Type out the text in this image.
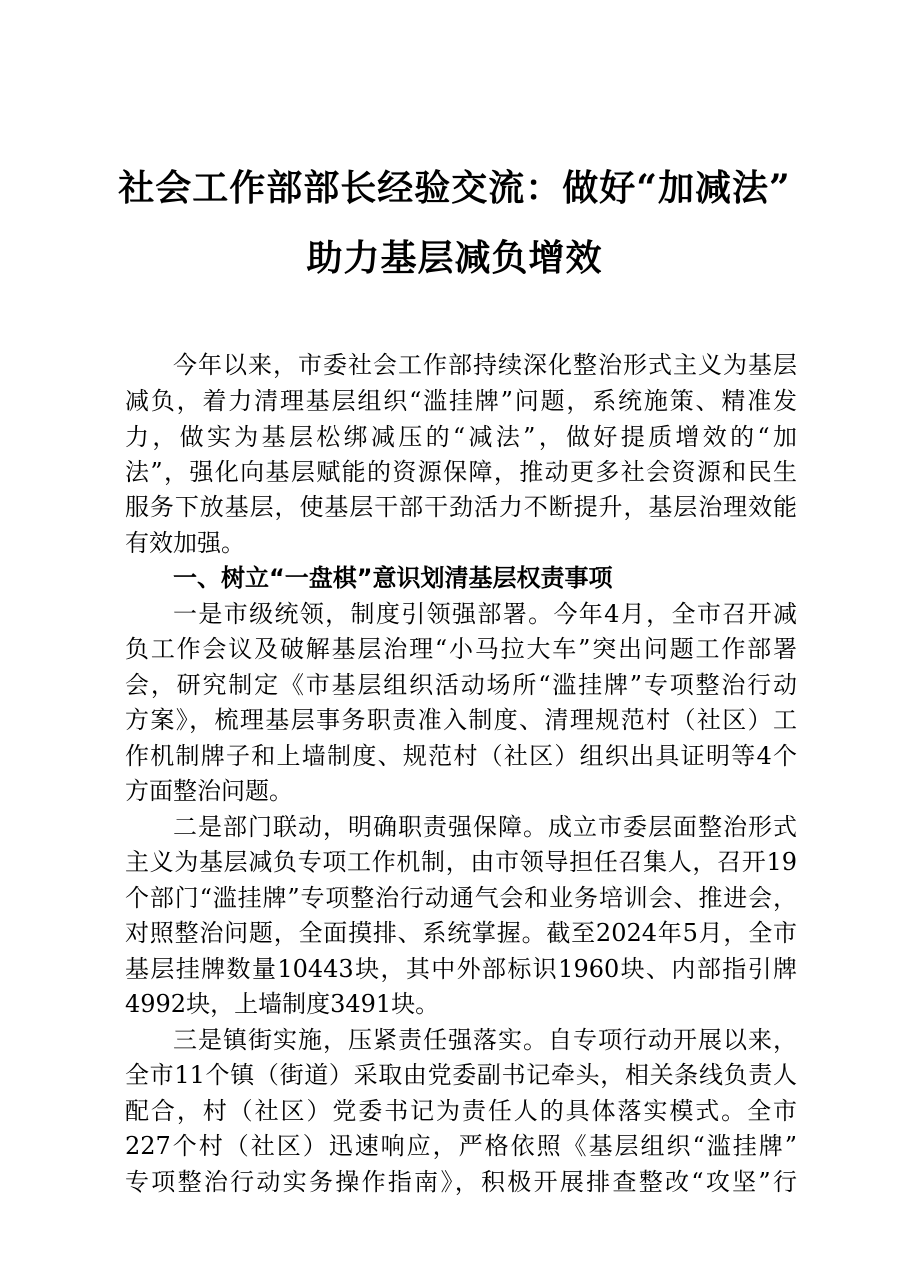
社会工作部部长经验交流：做好“加减法”
助力基层减负增效
今年以来，市委社会工作部持续深化整治形式主义为基层
减负，着力清理基层组织“滥挂牌”问题，系统施策、精准发
力，做实为基层松绑减压的“减法”，做好提质增效的“加
法”，强化向基层赋能的资源保障，推动更多社会资源和民生
服务下放基层，使基层干部干劲活力不断提升，基层治理效能
有效加强。
一、树立“一盘棋”意识划清基层权责事项
一是市级统领，制度引领强部署。今年4月，全市召开减
负工作会议及破解基层治理“小马拉大车”突出问题工作部署
会，研究制定《市基层组织活动场所“滥挂牌”专项整治行动
方案》，梳理基层事务职责准入制度、清理规范村（社区）工
作机制牌子和上墙制度、规范村（社区）组织出具证明等4个
方面整治问题。
二是部门联动，明确职责强保障。成立市委层面整治形式
主义为基层减负专项工作机制，由市领导担任召集人，召开19
个部门“滥挂牌”专项整治行动通气会和业务培训会、推进会，
对照整治问题，全面摸排、系统掌握。截至2024年5月，全市
基层挂牌数量10443块，其中外部标识1960块、内部指引牌
4992块，上墙制度3491块。
三是镇街实施，压紧责任强落实。自专项行动开展以来，
全市11个镇（街道）采取由党委副书记牵头，相关条线负责人
配合，村（社区）党委书记为责任人的具体落实模式。全市
227个村（社区）迅速响应，严格依照《基层组织“滥挂牌”
专项整治行动实务操作指南》，积极开展排查整改“攻坚”行
